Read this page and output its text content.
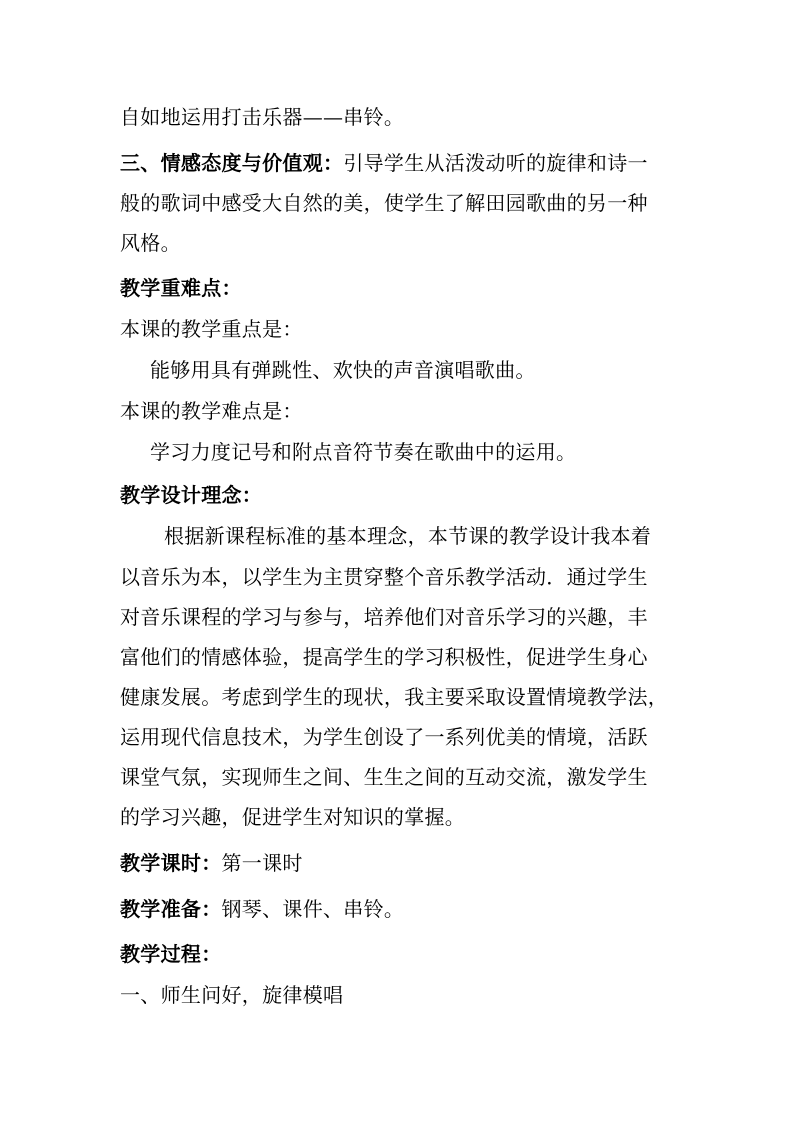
自如地运用打击乐器——串铃。
三、情感态度与价值观：引导学生从活泼动听的旋律和诗一
般的歌词中感受大自然的美，使学生了解田园歌曲的另一种
风格。
教学重难点：
本课的教学重点是：
能够用具有弹跳性、欢快的声音演唱歌曲。
本课的教学难点是：
学习力度记号和附点音符节奏在歌曲中的运用。
教学设计理念：
根据新课程标准的基本理念，本节课的教学设计我本着
以音乐为本，以学生为主贯穿整个音乐教学活动．通过学生
对音乐课程的学习与参与，培养他们对音乐学习的兴趣，丰
富他们的情感体验，提高学生的学习积极性，促进学生身心
健康发展。考虑到学生的现状，我主要采取设置情境教学法，
运用现代信息技术，为学生创设了一系列优美的情境，活跃
课堂气氛，实现师生之间、生生之间的互动交流，激发学生
的学习兴趣，促进学生对知识的掌握。
教学课时：第一课时
教学准备：钢琴、课件、串铃。
教学过程：
一、师生问好，旋律模唱
